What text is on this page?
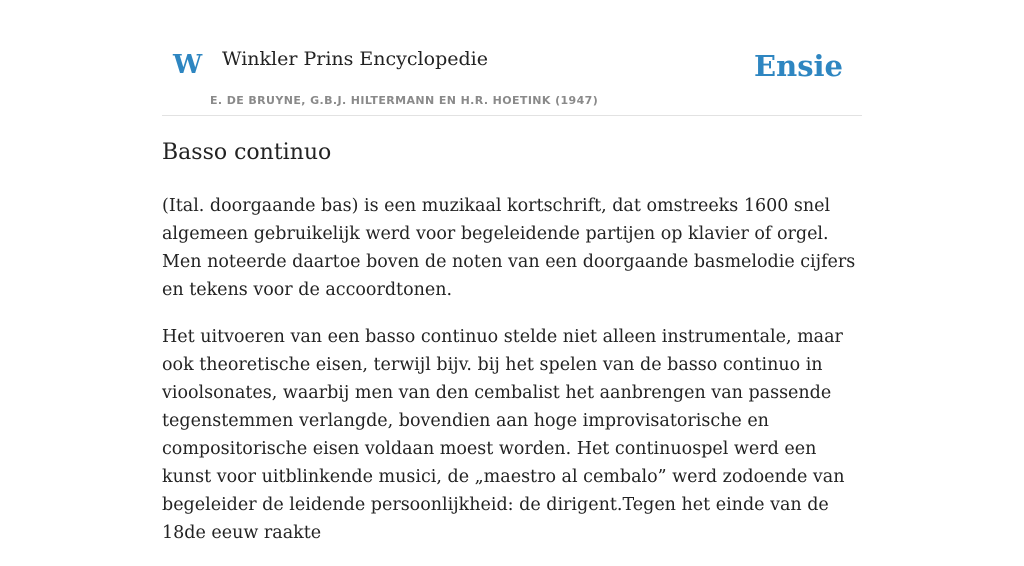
W Winkler Prins Encyclopedie
E. DE BRUYNE, G.B.J. HILTERMANN EN H.R. HOETINK (1947)
Ensie
Basso continuo

(Ital. doorgaande bas) is een muzikaal kortschrift, dat omstreeks 1600 snel algemeen gebruikelijk werd voor begeleidende partijen op klavier of orgel. Men noteerde daartoe boven de noten van een doorgaande basmelodie cijfers en tekens voor de accoordtonen.

Het uitvoeren van een basso continuo stelde niet alleen instrumentale, maar ook theoretische eisen, terwijl bijv. bij het spelen van de basso continuo in vioolsonates, waarbij men van den cembalist het aanbrengen van passende tegenstemmen verlangde, bovendien aan hoge improvisatorische en compositorische eisen voldaan moest worden. Het continuospel werd een kunst voor uitblinkende musici, de „maestro al cembalo” werd zodoende van begeleider de leidende persoonlijkheid: de dirigent.Tegen het einde van de 18de eeuw raakte
